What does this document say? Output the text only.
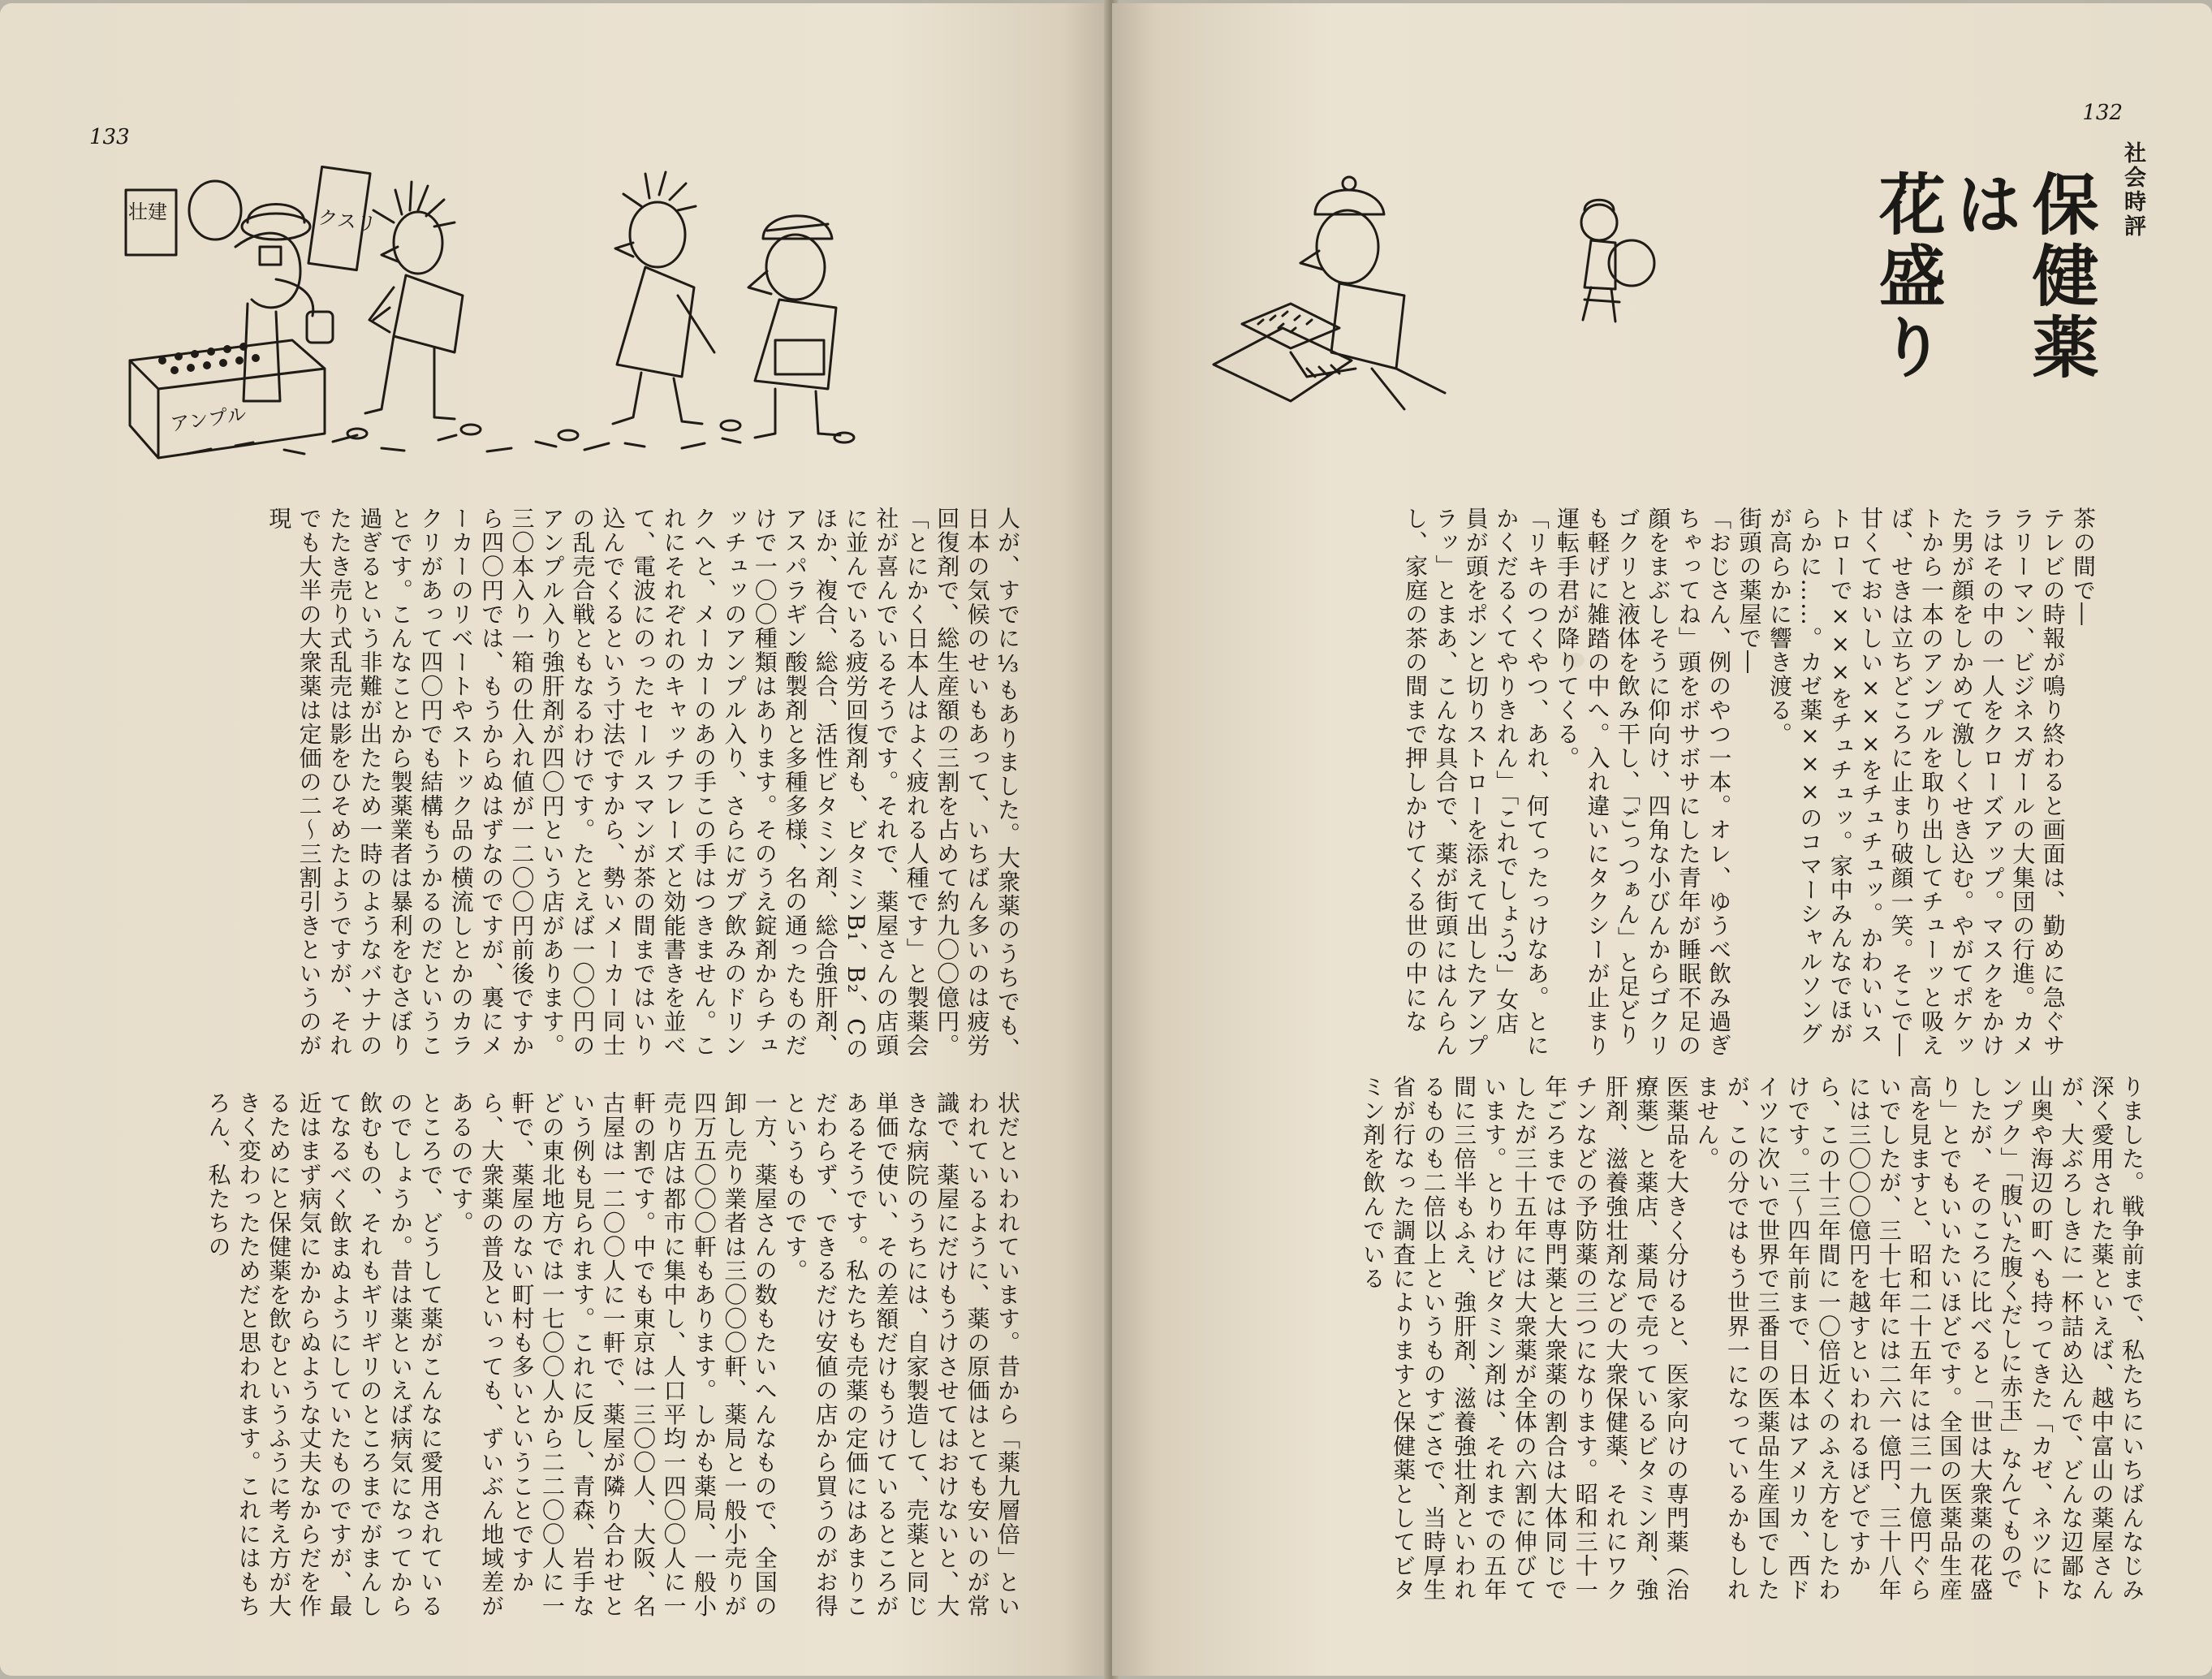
133
壮建	クスリ
アンプル

人が、すでに⅓もありました。大衆薬のうちでも、日本の気候のせいもあって、いちばん多いのは疲労回復剤で、総生産額の三割を占めて約九〇〇億円。「とにかく日本人はよく疲れる人種です」と製薬会社が喜んでいるそうです。それで、薬屋さんの店頭に並んでいる疲労回復剤も、ビタミンB₁、B₂、Cのほか、複合、総合、活性ビタミン剤、総合強肝剤、アスパラギン酸製剤と多種多様、名の通ったものだけで一〇〇種類はあります。そのうえ錠剤からチュッチュッのアンプル入り、さらにガブ飲みのドリンクへと、メーカーのあの手この手はつきません。これにそれぞれのキャッチフレーズと効能書きを並べて、電波にのったセールスマンが茶の間まではいり込んでくるという寸法ですから、勢いメーカー同士の乱売合戦ともなるわけです。たとえば一〇〇円のアンプル入り強肝剤が四〇円という店があります。三〇本入り一箱の仕入れ値が一二〇〇円前後ですから四〇円では、もうからぬはずなのですが、裏にメーカーのリベートやストック品の横流しとかのカラクリがあって四〇円でも結構もうかるのだということです。こんなことから製薬業者は暴利をむさぼり過ぎるという非難が出たため一時のようなバナナのたたき売り式乱売は影をひそめたようですが、それでも大半の大衆薬は定価の二～三割引きというのが現

状だといわれています。昔から「薬九層倍」といわれているように、薬の原価はとても安いのが常識で、薬屋にだけもうけさせてはおけないと、大きな病院のうちには、自家製造して、売薬と同じ単価で使い、その差額だけもうけているところがあるそうです。私たちも売薬の定価にはあまりこだわらず、できるだけ安値の店から買うのがお得というものです。

一方、薬屋さんの数もたいへんなもので、全国の卸し売り業者は三〇〇〇軒、薬局と一般小売りが四万五〇〇〇軒もあります。しかも薬局、一般小売り店は都市に集中し、人口平均一四〇〇人に一軒の割です。中でも東京は一三〇〇人、大阪、名古屋は一二〇〇人に一軒で、薬屋が隣り合わせという例も見られます。これに反し、青森、岩手などの東北地方では一七〇〇人から二二〇〇人に一軒で、薬屋のない町村も多いということですから、大衆薬の普及といっても、ずいぶん地域差があるのです。

ところで、どうして薬がこんなに愛用されているのでしょうか。昔は薬といえば病気になってから飲むもの、それもギリギリのところまでがまんしてなるべく飲まぬようにしていたものですが、最近はまず病気にかからぬような丈夫なからだを作るためにと保健薬を飲むというふうに考え方が大きく変わったためだと思われます。これにはもちろん、私たちの

132
社会時評
保健薬は
花盛り

茶の間で―

テレビの時報が鳴り終わると画面は、勤めに急ぐサラリーマン、ビジネスガールの大集団の行進。カメラはその中の一人をクローズアップ。マスクをかけた男が顔をしかめて激しくせき込む。やがてポケットから一本のアンプルを取り出してチューッと吸えば、せきは立ちどころに止まり破顔一笑。そこで―甘くておいしい×××をチュチュッ。かわいいストローで×××をチュチュッ。家中みんなでほがらかに……。カゼ薬×××のコマーシャルソングが高らかに響き渡る。

街頭の薬屋で―

「おじさん、例のやつ一本。オレ、ゆうべ飲み過ぎちゃってね」頭をボサボサにした青年が睡眠不足の顔をまぶしそうに仰向け、四角な小びんからゴクリゴクリと液体を飲み干し、「ごっつぁん」と足どりも軽げに雑踏の中へ。入れ違いにタクシーが止まり運転手君が降りてくる。

「リキのつくやつ、あれ、何てったっけなあ。とにかくだるくてやりきれん」「これでしょう?」女店員が頭をポンと切りストローを添えて出したアンプラッ」とまあ、こんな具合で、薬が街頭にはんらんし、家庭の茶の間まで押しかけてくる世の中にな

りました。戦争前まで、私たちにいちばんなじみ深く愛用された薬といえば、越中富山の薬屋さんが、大ぶろしきに一杯詰め込んで、どんな辺鄙な山奥や海辺の町へも持ってきた「カゼ、ネツにトンプク」「腹いた腹くだしに赤玉」なんてものでしたが、そのころに比べると「世は大衆薬の花盛り」とでもいいたいほどです。全国の医薬品生産高を見ますと、昭和二十五年には三一九億円ぐらいでしたが、三十七年には二六一億円、三十八年には三〇〇〇億円を越すといわれるほどですから、この十三年間に一〇倍近くのふえ方をしたわけです。三～四年前まで、日本はアメリカ、西ドイツに次いで世界で三番目の医薬品生産国でしたが、この分ではもう世界一になっているかもしれません。

医薬品を大きく分けると、医家向けの専門薬（治療薬）と薬店、薬局で売っているビタミン剤、強肝剤、滋養強壮剤などの大衆保健薬、それにワクチンなどの予防薬の三つになります。昭和三十一年ごろまでは専門薬と大衆薬の割合は大体同じでしたが三十五年には大衆薬が全体の六割に伸びています。とりわけビタミン剤は、それまでの五年間に三倍半もふえ、強肝剤、滋養強壮剤といわれるものも二倍以上というものすごさで、当時厚生省が行なった調査によりますと保健薬としてビタミン剤を飲んでいる
